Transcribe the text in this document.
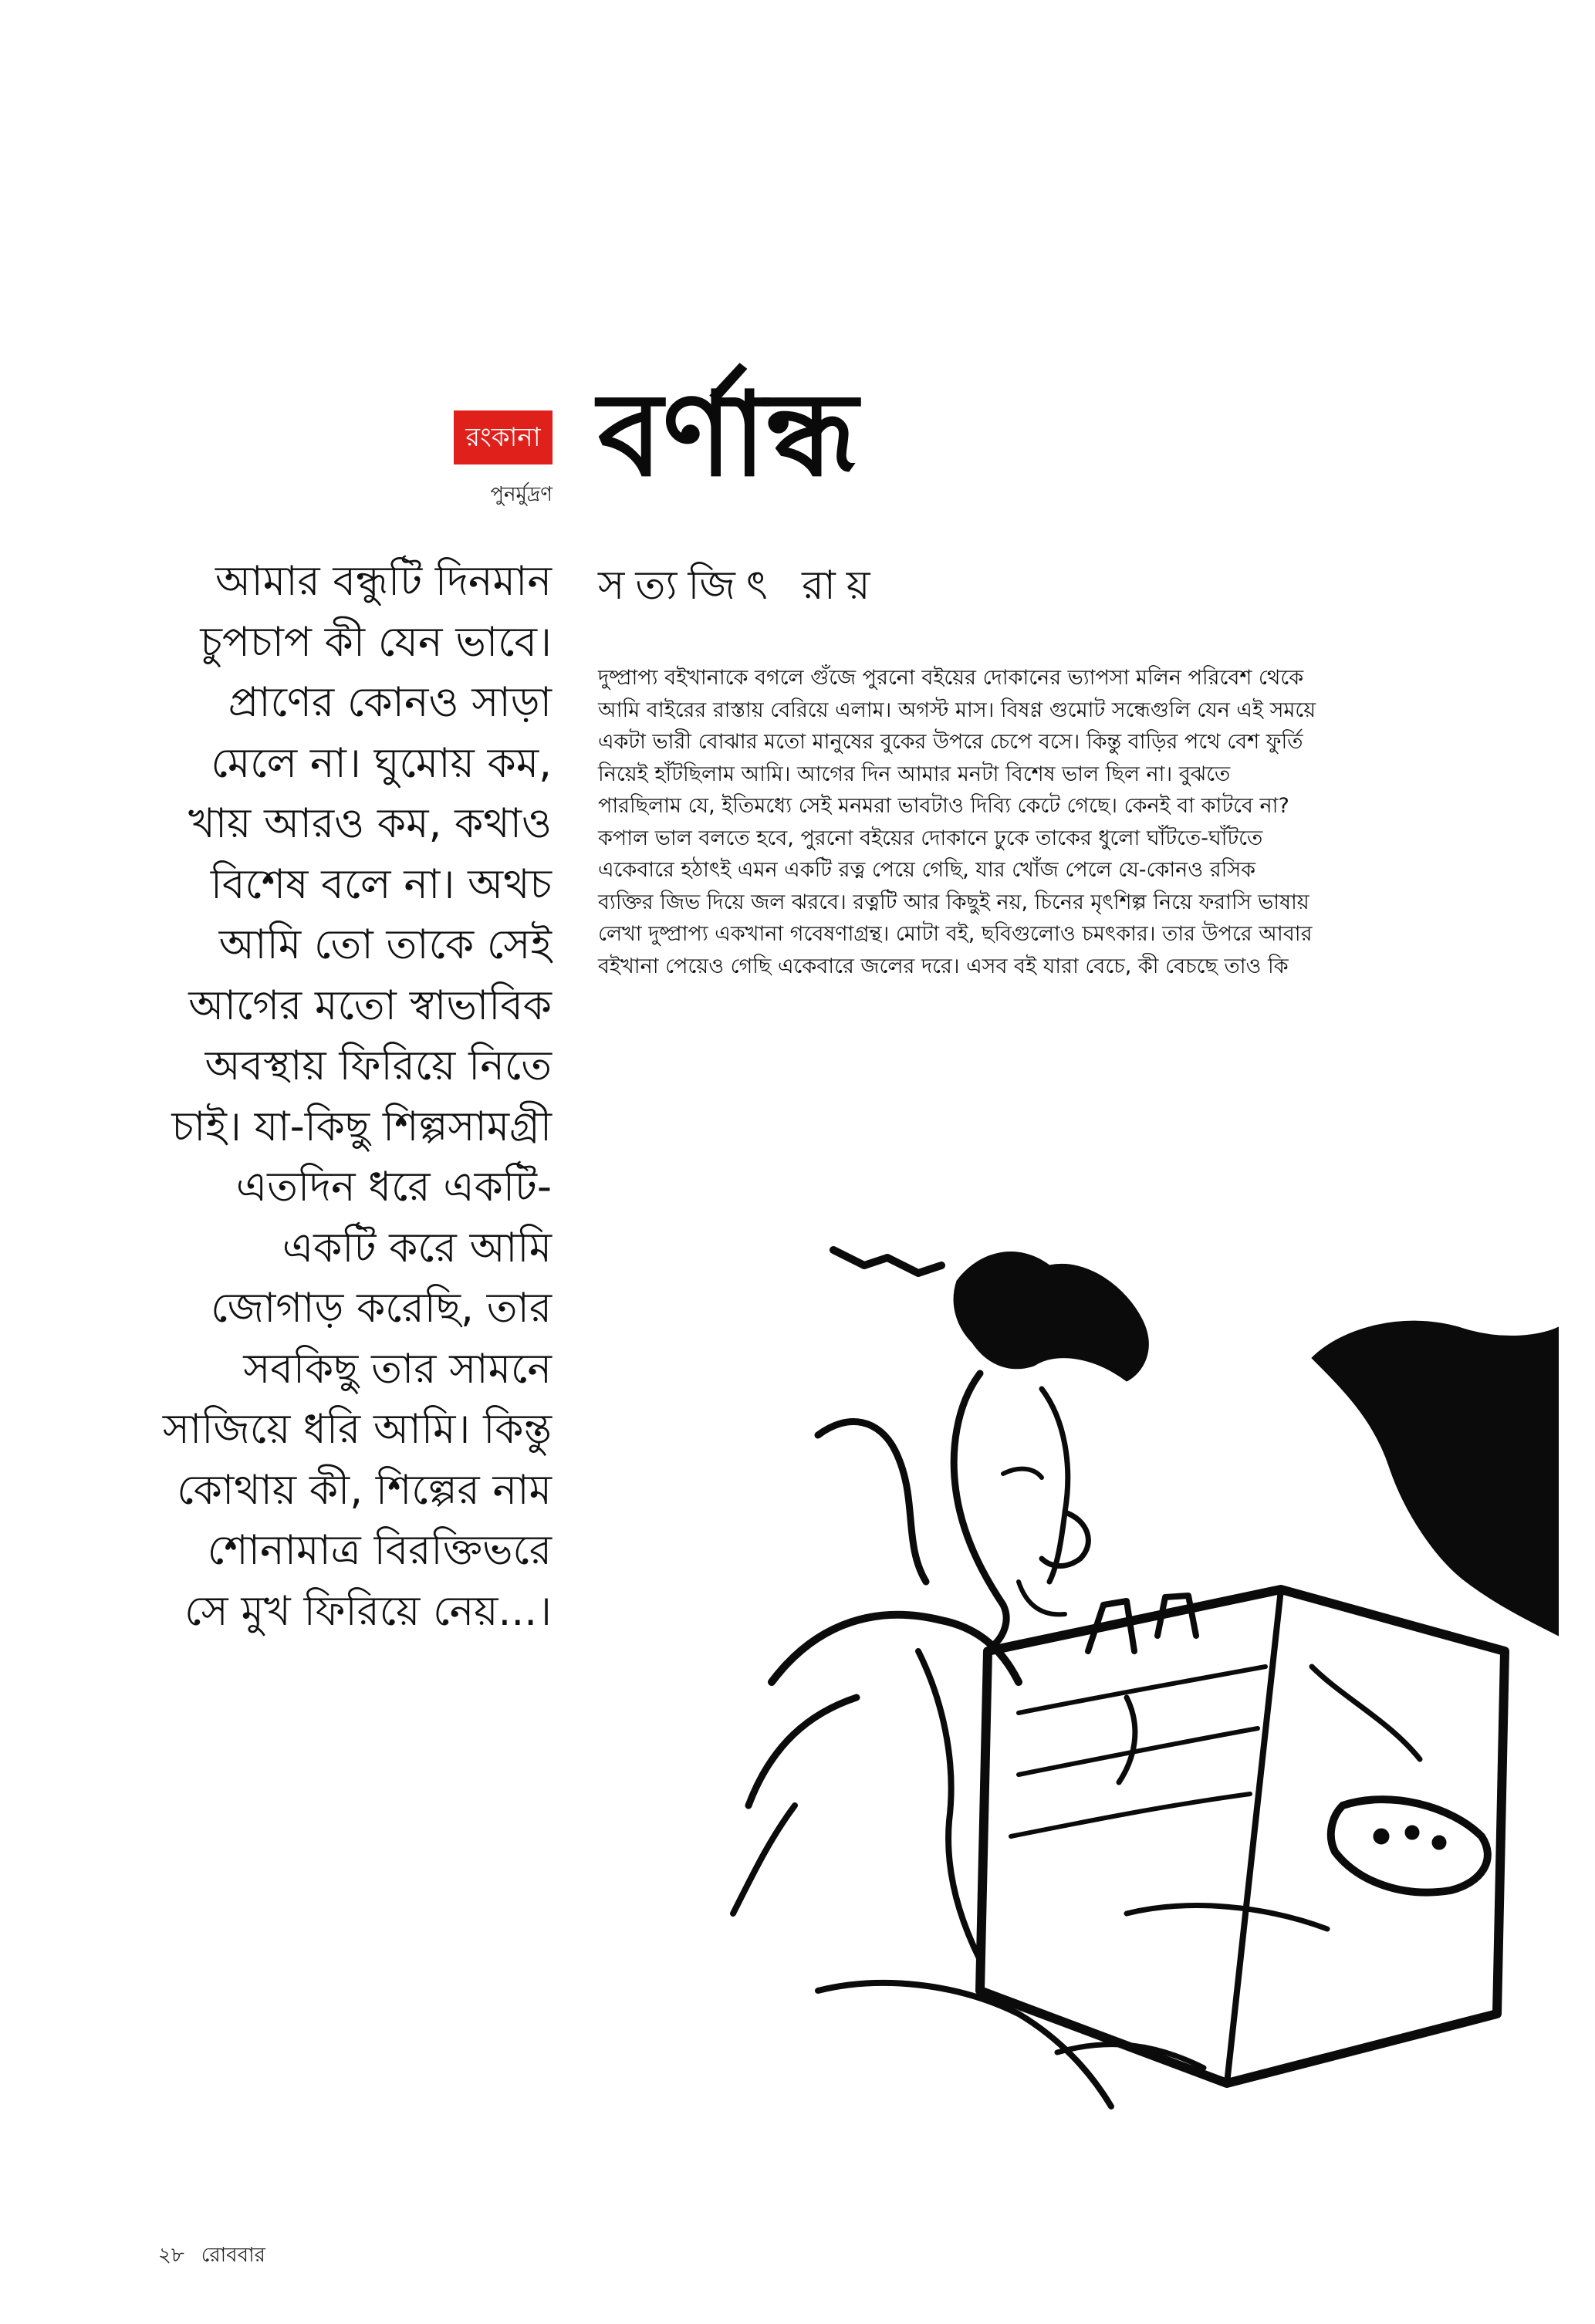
রংকানা
পুনর্মুদ্রণ বর্ণান্ধ
সত্যজিৎ রায়
আমার বন্ধুটি দিনমান
চুপচাপ কী যেন ভাবে।
প্রাণের কোনও সাড়া
মেলে না। ঘুমোয় কম,
খায় আরও কম, কথাও
বিশেষ বলে না। অথচ
আমি তো তাকে সেই
আগের মতো স্বাভাবিক
অবস্থায় ফিরিয়ে নিতে
চাই। যা-কিছু শিল্পসামগ্রী
এতদিন ধরে একটি-
একটি করে আমি
জোগাড় করেছি, তার
সবকিছু তার সামনে
সাজিয়ে ধরি আমি। কিন্তু
কোথায় কী, শিল্পের নাম
শোনামাত্র বিরক্তিভরে
সে মুখ ফিরিয়ে নেয়...।
দুষ্প্রাপ্য বইখানাকে বগলে গুঁজে পুরনো বইয়ের দোকানের ভ্যাপসা মলিন পরিবেশ থেকে
আমি বাইরের রাস্তায় বেরিয়ে এলাম। অগস্ট মাস। বিষণ্ণ গুমোট সন্ধেগুলি যেন এই সময়ে
একটা ভারী বোঝার মতো মানুষের বুকের উপরে চেপে বসে। কিন্তু বাড়ির পথে বেশ ফুর্তি
নিয়েই হাঁটছিলাম আমি। আগের দিন আমার মনটা বিশেষ ভাল ছিল না। বুঝতে
পারছিলাম যে, ইতিমধ্যে সেই মনমরা ভাবটাও দিব্যি কেটে গেছে। কেনই বা কাটবে না?
কপাল ভাল বলতে হবে, পুরনো বইয়ের দোকানে ঢুকে তাকের ধুলো ঘাঁটতে-ঘাঁটতে
একেবারে হঠাৎই এমন একটি রত্ন পেয়ে গেছি, যার খোঁজ পেলে যে-কোনও রসিক
ব্যক্তির জিভ দিয়ে জল ঝরবে। রত্নটি আর কিছুই নয়, চিনের মৃৎশিল্প নিয়ে ফরাসি ভাষায়
লেখা দুষ্প্রাপ্য একখানা গবেষণাগ্রন্থ। মোটা বই, ছবিগুলোও চমৎকার। তার উপরে আবার
বইখানা পেয়েও গেছি একেবারে জলের দরে। এসব বই যারা বেচে, কী বেচছে তাও কি
২৮ রোববার
